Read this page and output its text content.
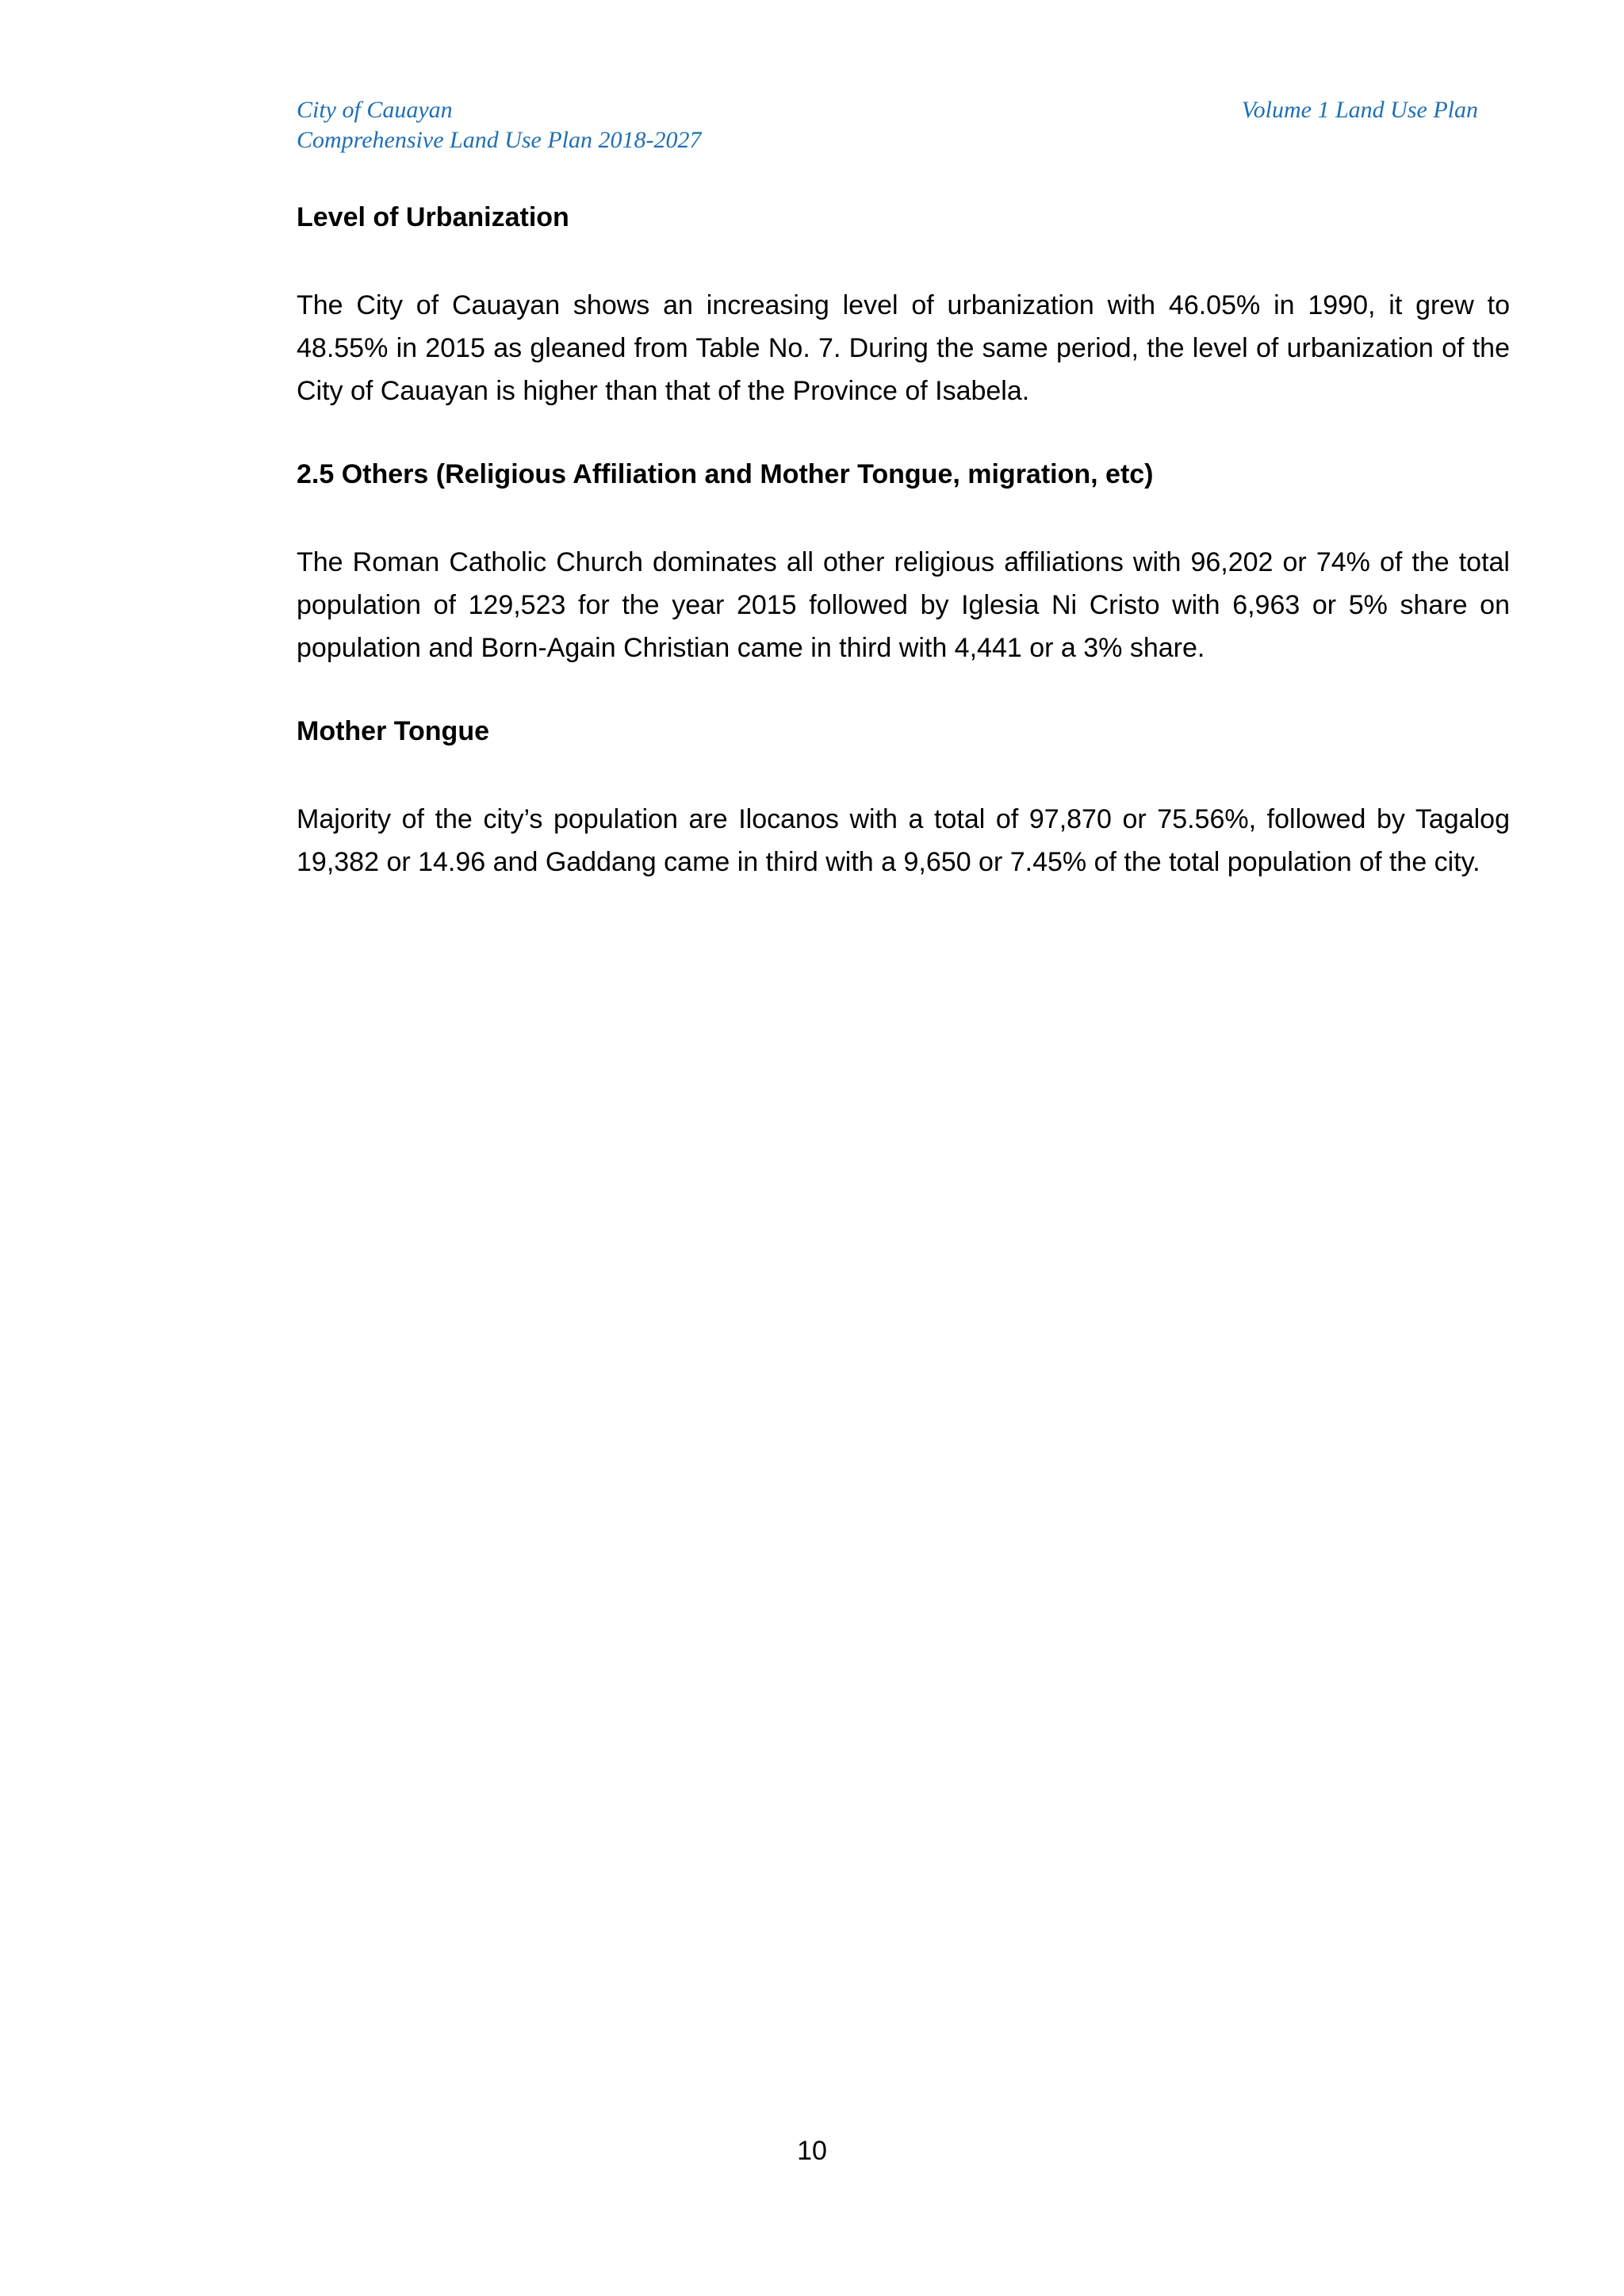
City of Cauayan
Comprehensive Land Use Plan 2018-2027
Volume 1 Land Use Plan
Level of Urbanization

The City of Cauayan shows an increasing level of urbanization with 46.05% in 1990, it grew to 48.55% in 2015 as gleaned from Table No. 7. During the same period, the level of urbanization of the City of Cauayan is higher than that of the Province of Isabela.

2.5 Others (Religious Affiliation and Mother Tongue, migration, etc)

The Roman Catholic Church dominates all other religious affiliations with 96,202 or 74% of the total population of 129,523 for the year 2015 followed by Iglesia Ni Cristo with 6,963 or 5% share on population and Born-Again Christian came in third with 4,441 or a 3% share.

Mother Tongue

Majority of the city’s population are Ilocanos with a total of 97,870 or 75.56%, followed by Tagalog 19,382 or 14.96 and Gaddang came in third with a 9,650 or 7.45% of the total population of the city.

10
